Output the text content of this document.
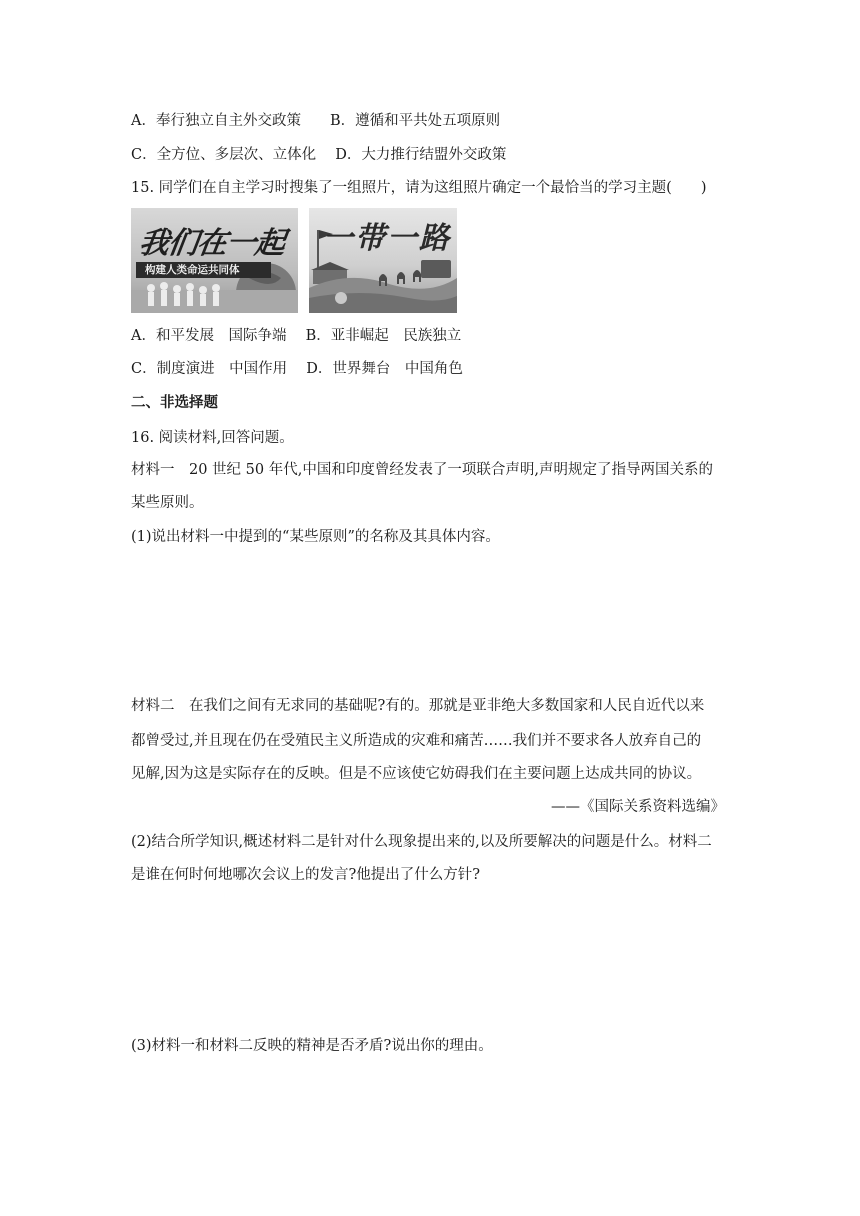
A．奉行独立自主外交政策　　B．遵循和平共处五项原则
C．全方位、多层次、立体化　 D．大力推行结盟外交政策
15. 同学们在自主学习时搜集了一组照片，请为这组照片确定一个最恰当的学习主题(　　)
我们在一起
构建人类命运共同体
一带一路
A．和平发展　国际争端　 B．亚非崛起　民族独立
C．制度演进　中国作用　 D．世界舞台　中国角色
二、非选择题
16. 阅读材料,回答问题。
材料一　20 世纪 50 年代,中国和印度曾经发表了一项联合声明,声明规定了指导两国关系的
某些原则。
(1)说出材料一中提到的“某些原则”的名称及其具体内容。
材料二　在我们之间有无求同的基础呢?有的。那就是亚非绝大多数国家和人民自近代以来
都曾受过,并且现在仍在受殖民主义所造成的灾难和痛苦……我们并不要求各人放弃自己的
见解,因为这是实际存在的反映。但是不应该使它妨碍我们在主要问题上达成共同的协议。
——《国际关系资料选编》
(2)结合所学知识,概述材料二是针对什么现象提出来的,以及所要解决的问题是什么。材料二
是谁在何时何地哪次会议上的发言?他提出了什么方针?
(3)材料一和材料二反映的精神是否矛盾?说出你的理由。
